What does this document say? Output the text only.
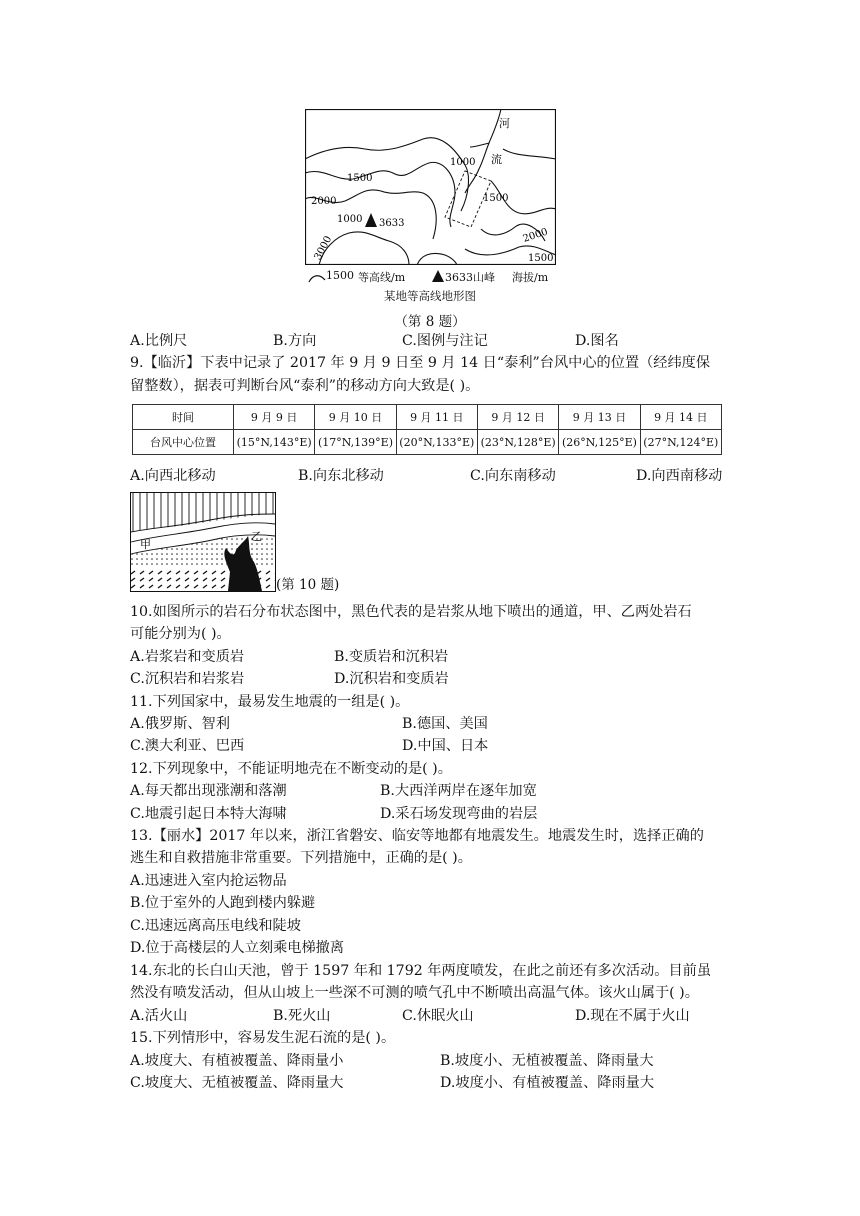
河
流
1000
1500
2000
1000
1500
2000
3000	1500
3633
1500 等高线/m	3633山峰 海拔/m
某地等高线地形图
（第 8 题）
A.比例尺	B.方向	C.图例与注记	D.图名
9.【临沂】下表中记录了 2017 年 9 月 9 日至 9 月 14 日“泰利”台风中心的位置（经纬度保
留整数），据表可判断台风“泰利”的移动方向大致是( )。
时间	9 月 9 日	9 月 10 日	9 月 11 日	9 月 12 日	9 月 13 日	9 月 14 日
台风中心位置	(15°N,143°E)	(17°N,139°E)	(20°N,133°E)	(23°N,128°E)	(26°N,125°E)	(27°N,124°E)
A.向西北移动	B.向东北移动	C.向东南移动	D.向西南移动
甲
乙
(第 10 题)
10.如图所示的岩石分布状态图中，黑色代表的是岩浆从地下喷出的通道，甲、乙两处岩石
可能分别为( )。
A.岩浆岩和变质岩	B.变质岩和沉积岩
C.沉积岩和岩浆岩	D.沉积岩和变质岩
11.下列国家中，最易发生地震的一组是( )。
A.俄罗斯、智利	B.德国、美国
C.澳大利亚、巴西	D.中国、日本
12.下列现象中，不能证明地壳在不断变动的是( )。
A.每天都出现涨潮和落潮	B.大西洋两岸在逐年加宽
C.地震引起日本特大海啸	D.采石场发现弯曲的岩层
13.【丽水】2017 年以来，浙江省磐安、临安等地都有地震发生。地震发生时，选择正确的
逃生和自救措施非常重要。下列措施中，正确的是( )。
A.迅速进入室内抢运物品
B.位于室外的人跑到楼内躲避
C.迅速远离高压电线和陡坡
D.位于高楼层的人立刻乘电梯撤离
14.东北的长白山天池，曾于 1597 年和 1792 年两度喷发，在此之前还有多次活动。目前虽
然没有喷发活动，但从山坡上一些深不可测的喷气孔中不断喷出高温气体。该火山属于( )。
A.活火山	B.死火山	C.休眠火山	D.现在不属于火山
15.下列情形中，容易发生泥石流的是( )。
A.坡度大、有植被覆盖、降雨量小	B.坡度小、无植被覆盖、降雨量大
C.坡度大、无植被覆盖、降雨量大	D.坡度小、有植被覆盖、降雨量大
